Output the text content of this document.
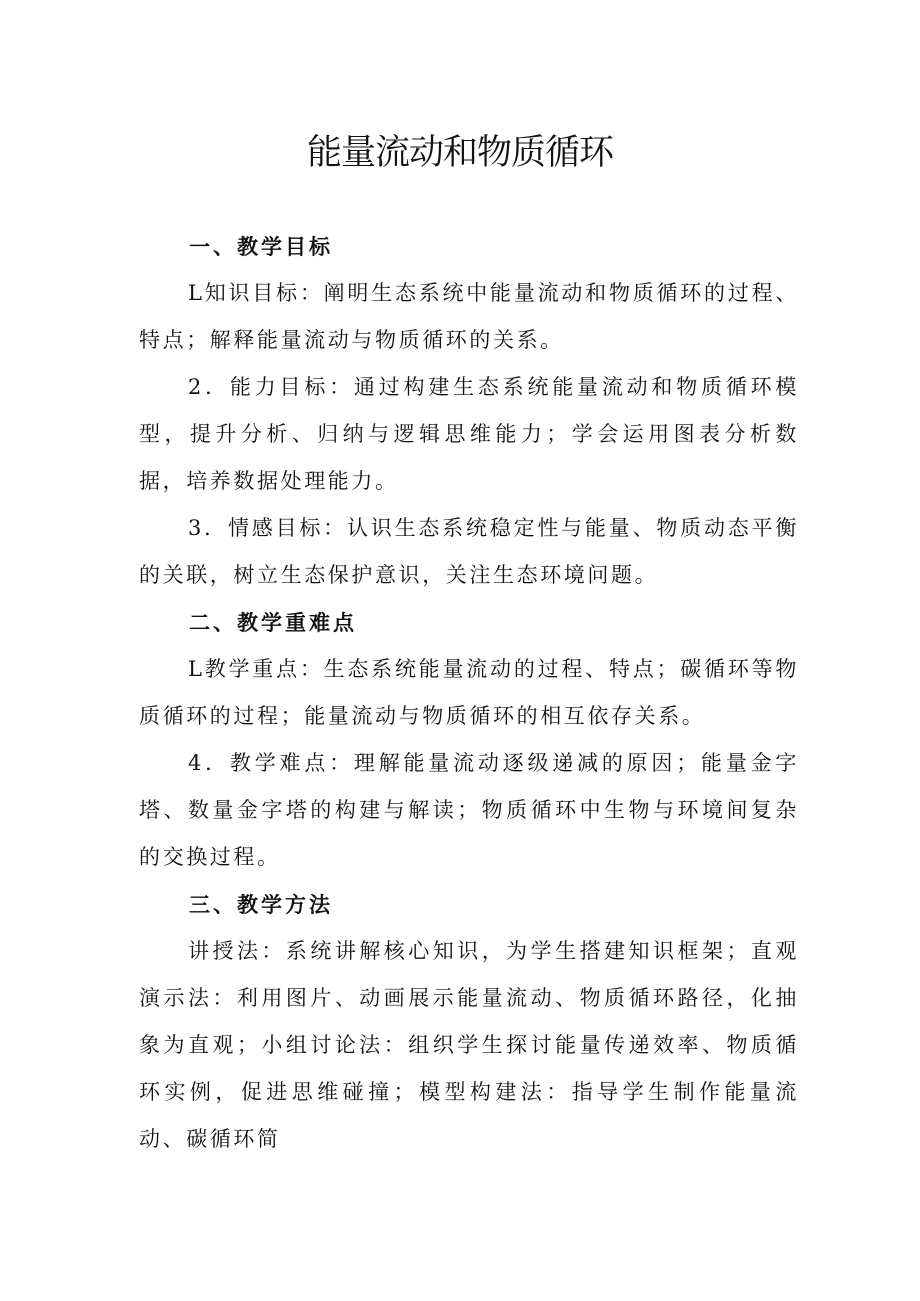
能量流动和物质循环

一、教学目标

L知识目标：阐明生态系统中能量流动和物质循环的过程、特点；解释能量流动与物质循环的关系。

2．能力目标：通过构建生态系统能量流动和物质循环模型，提升分析、归纳与逻辑思维能力；学会运用图表分析数据，培养数据处理能力。

3．情感目标：认识生态系统稳定性与能量、物质动态平衡的关联，树立生态保护意识，关注生态环境问题。

二、教学重难点

L教学重点：生态系统能量流动的过程、特点；碳循环等物质循环的过程；能量流动与物质循环的相互依存关系。

4．教学难点：理解能量流动逐级递减的原因；能量金字塔、数量金字塔的构建与解读；物质循环中生物与环境间复杂的交换过程。

三、教学方法

讲授法：系统讲解核心知识，为学生搭建知识框架；直观演示法：利用图片、动画展示能量流动、物质循环路径，化抽象为直观；小组讨论法：组织学生探讨能量传递效率、物质循环实例，促进思维碰撞；模型构建法：指导学生制作能量流动、碳循环简
